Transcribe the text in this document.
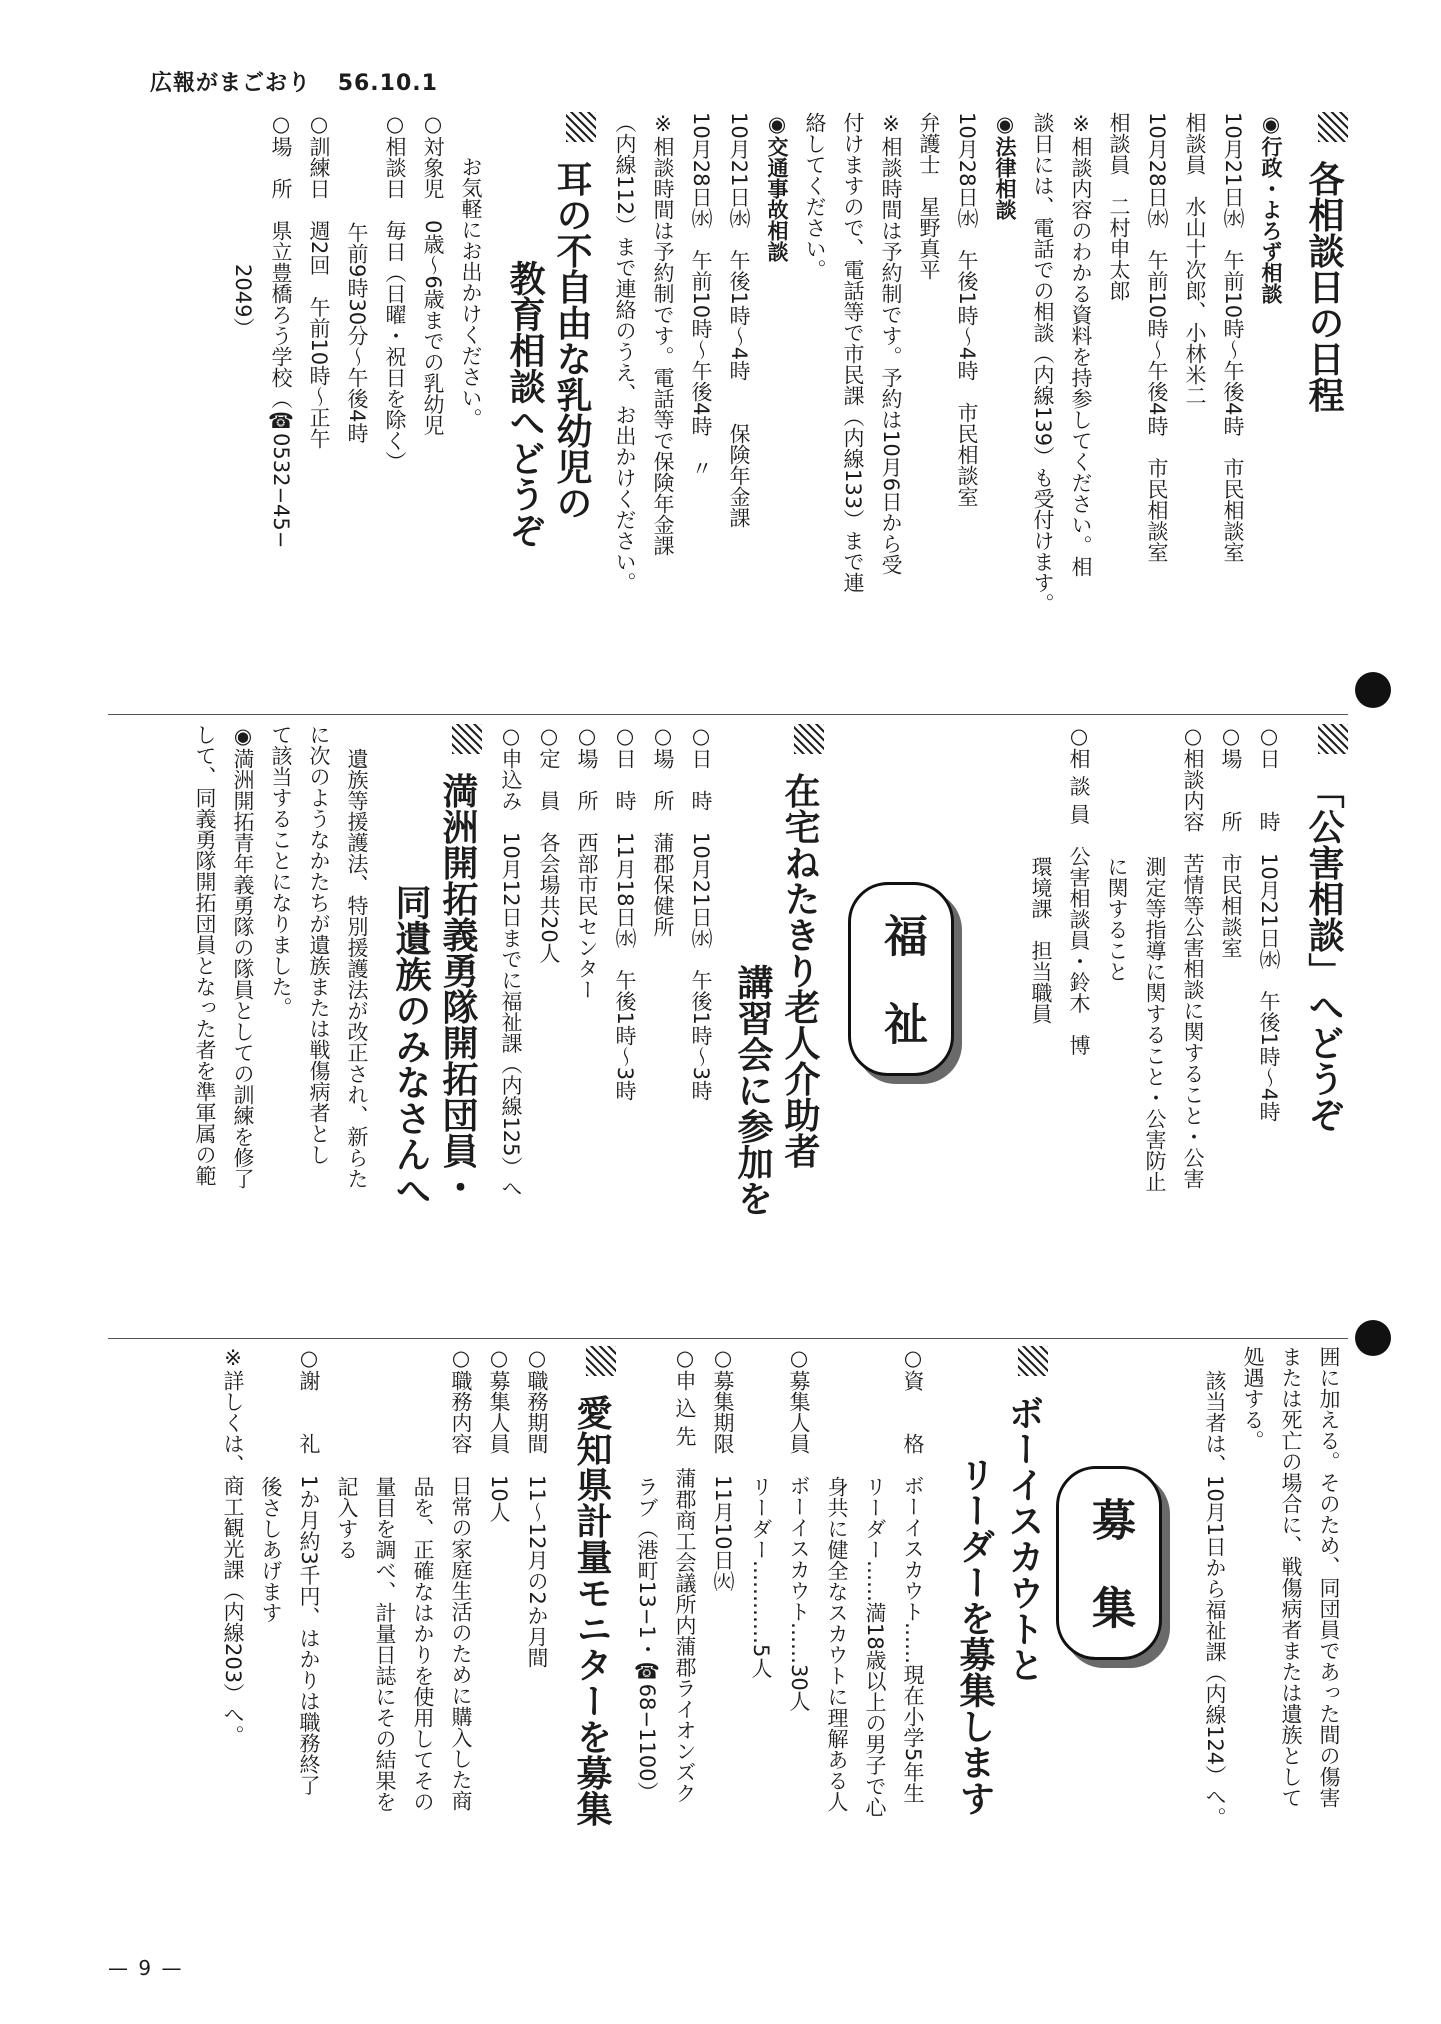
広報がまごおり 56.10.1
各相談日の日程
◉行政・よろず相談
10月21日㈬　午前10時〜午後4時　市民相談室
相談員　水山十次郎、小林米二
10月28日㈬　午前10時〜午後4時　市民相談室
相談員　二村申太郎
※相談内容のわかる資料を持参してください。相
談日には、電話での相談（内線139）も受付けます。
◉法律相談
10月28日㈬　午後1時〜4時　市民相談室
弁護士　星野真平
※相談時間は予約制です。予約は10月6日から受
付けますので、電話等で市民課（内線133）まで連
絡してください。
◉交通事故相談
10月21日㈬　午後1時〜4時　　保険年金課
10月28日㈬　午前10時〜午後4時　〃
※相談時間は予約制です。電話等で保険年金課
（内線112）まで連絡のうえ、お出かけください。
耳の不自由な乳幼児の
教育相談へどうぞ
お気軽にお出かけください。
○対象児　0歳〜6歳までの乳幼児
○相談日　毎日（日曜・祝日を除く）
午前9時30分〜午後4時
○訓練日　週2回　午前10時〜正午
○場　所　県立豊橋ろう学校（☎0532−45−
2049）
「公害相談」へどうぞ
○日　　時　10月21日㈬　午後1時〜4時
○場　　所　市民相談室
○相談内容　苦情等公害相談に関すること・公害
測定等指導に関すること・公害防止
に関すること
○相 談 員　公害相談員・鈴木　博
環境課　担当職員
福　祉
在宅ねたきり老人介助者
講習会に参加を
○日　時　10月21日㈬　午後1時〜3時
○場　所　蒲郡保健所
○日　時　11月18日㈬　午後1時〜3時
○場　所　西部市民センター
○定　員　各会場共20人
○申込み　10月12日までに福祉課（内線125）へ
満洲開拓義勇隊開拓団員・
同遺族のみなさんへ
遺族等援護法、特別援護法が改正され、新らた
に次のようなかたちが遺族または戦傷病者とし
て該当することになりました。
◉満洲開拓青年義勇隊の隊員としての訓練を修了
して、同義勇隊開拓団員となった者を準軍属の範
囲に加える。そのため、同団員であった間の傷害
または死亡の場合に、戦傷病者または遺族として
処遇する。
該当者は、10月1日から福祉課（内線124）へ。
募　集
ボーイスカウトと
リーダーを募集します
○資　　格　ボーイスカウト……現在小学5年生
リーダー……満18歳以上の男子で心
身共に健全なスカウトに理解ある人
○募集人員　ボーイスカウト……30人
リーダー…………5人
○募集期限　11月10日㈫
○申 込 先　蒲郡商工会議所内蒲郡ライオンズク
ラブ（港町13−1・☎68−1100）
愛知県計量モニターを募集
○職務期間　11〜12月の2か月間
○募集人員　10人
○職務内容　日常の家庭生活のために購入した商
品を、正確なはかりを使用してその
量目を調べ、計量日誌にその結果を
記入する
○謝　　礼　1か月約3千円、はかりは職務終了
後さしあげます
※詳しくは、商工観光課（内線203）へ。
— 9 —
